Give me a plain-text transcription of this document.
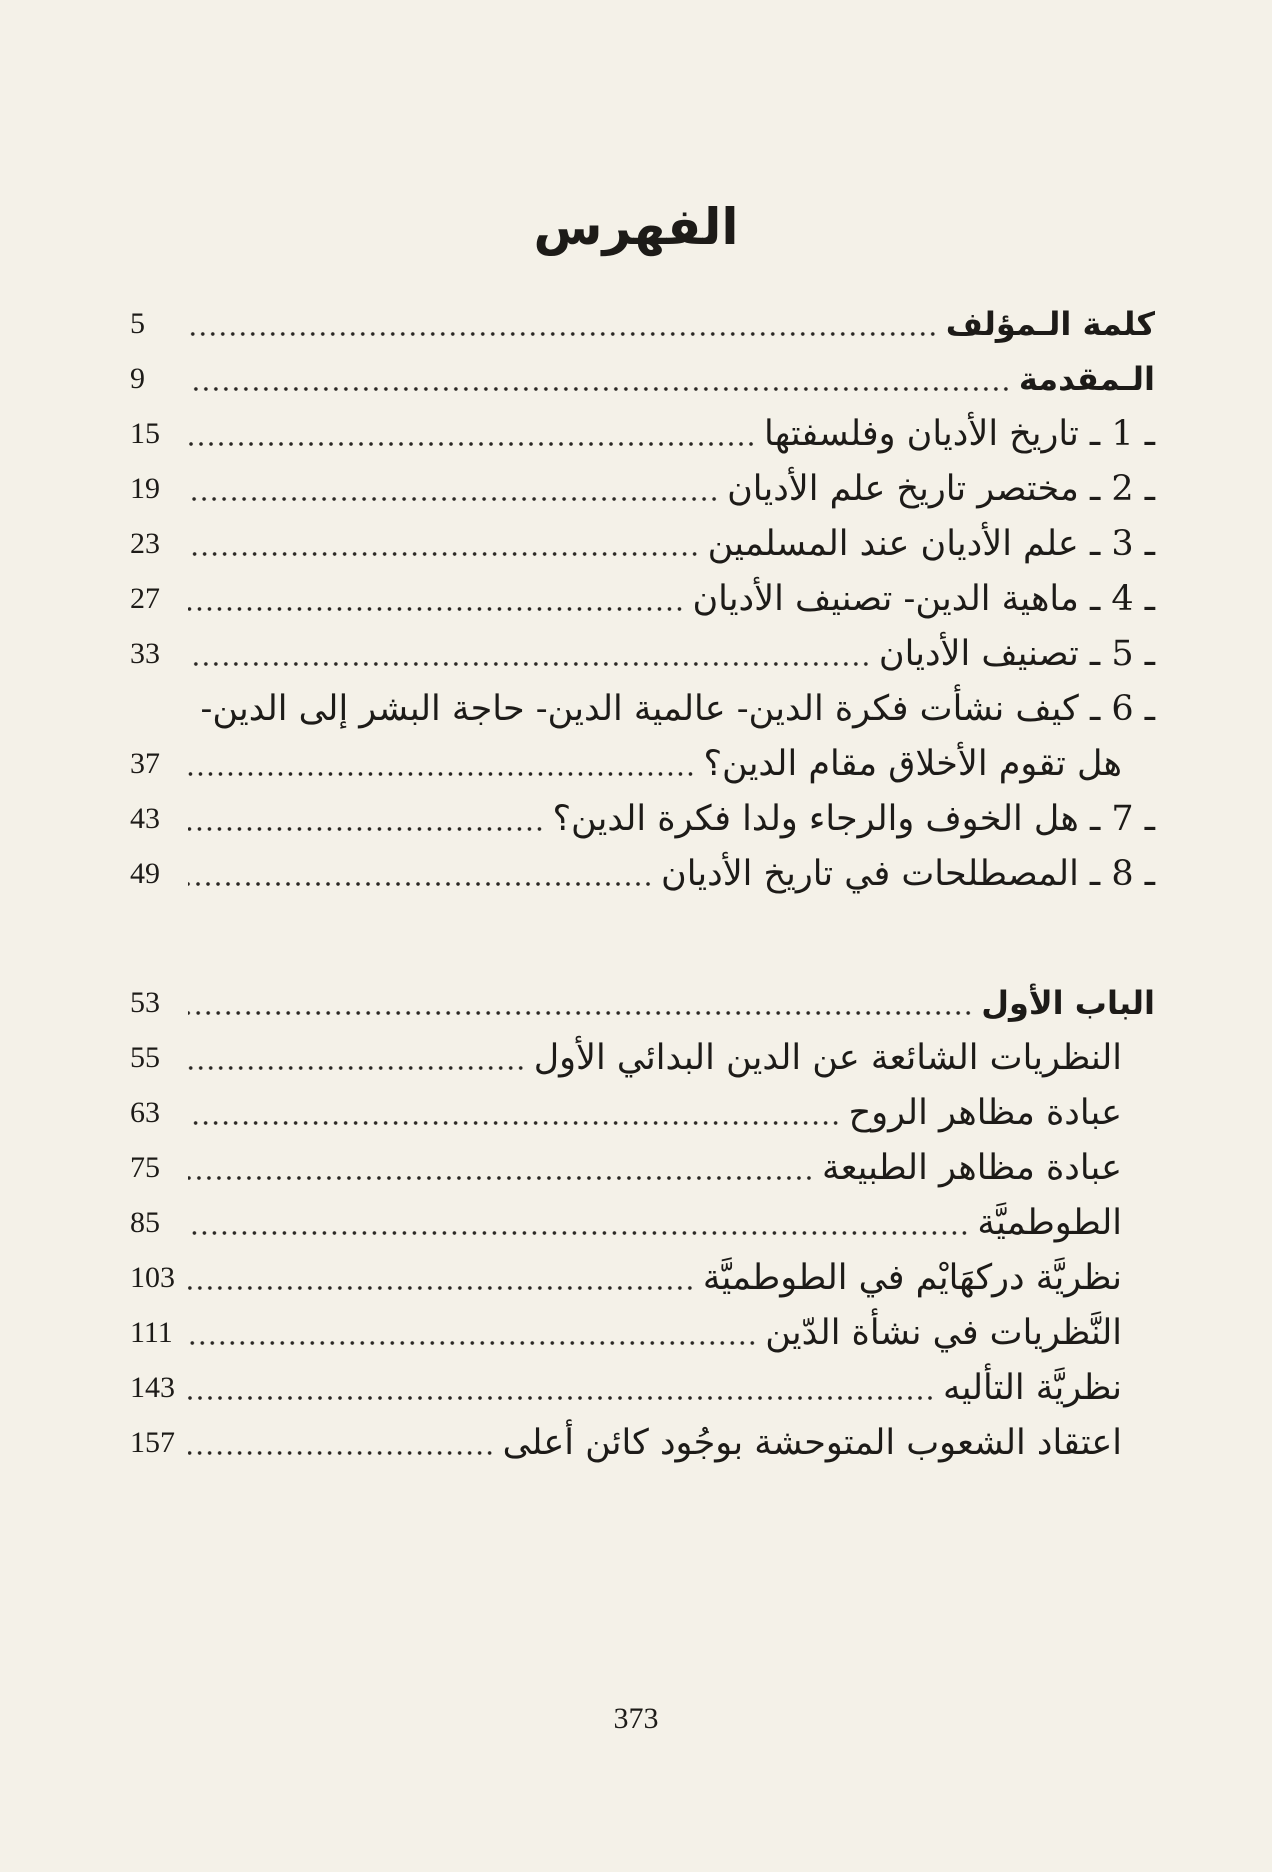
الفهرس
كلمة الـمؤلف
5
الـمقدمة
9
ـ 1 ـ تاريخ الأديان وفلسفتها
15
ـ 2 ـ مختصر تاريخ علم الأديان
19
ـ 3 ـ علم الأديان عند المسلمين
23
ـ 4 ـ ماهية الدين- تصنيف الأديان
27
ـ 5 ـ تصنيف الأديان
33
ـ 6 ـ كيف نشأت فكرة الدين- عالمية الدين- حاجة البشر إلى الدين-
هل تقوم الأخلاق مقام الدين؟
37
ـ 7 ـ هل الخوف والرجاء ولدا فكرة الدين؟
43
ـ 8 ـ المصطلحات في تاريخ الأديان
49
الباب الأول
53
النظريات الشائعة عن الدين البدائي الأول
55
عبادة مظاهر الروح
63
عبادة مظاهر الطبيعة
75
الطوطميَّة
85
نظريَّة دركهَايْم في الطوطميَّة
103
النَّظريات في نشأة الدّين
111
نظريَّة التأليه
143
اعتقاد الشعوب المتوحشة بوجُود كائن أعلى
157
373
